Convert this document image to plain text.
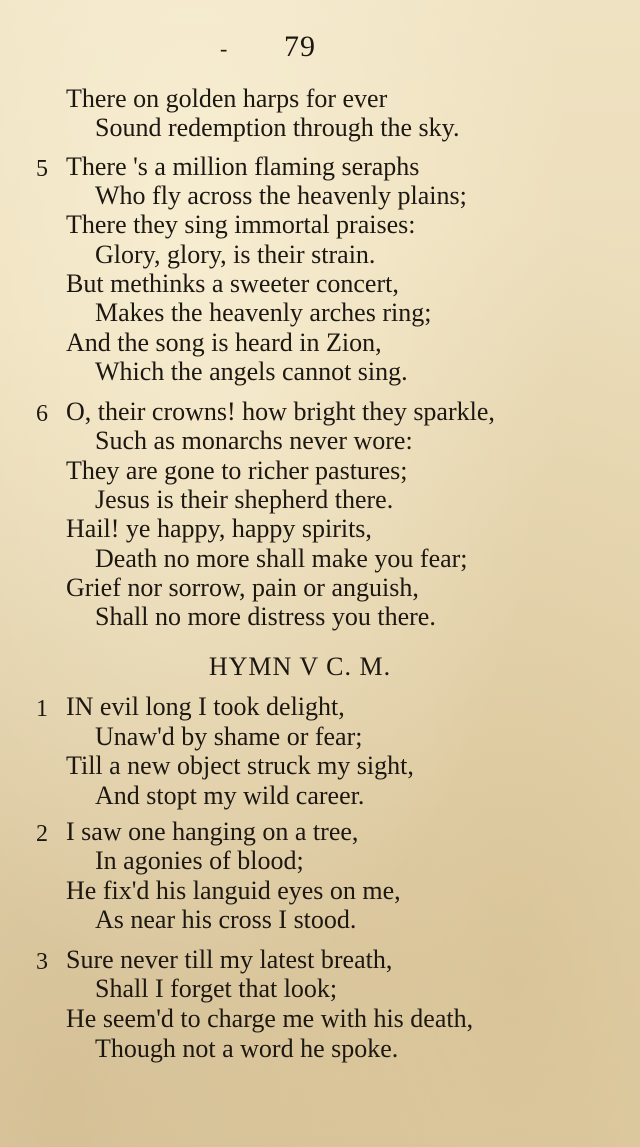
-	79
There on golden harps for ever
Sound redemption through the sky.
5 There 's a million flaming seraphs
Who fly across the heavenly plains;
There they sing immortal praises:
Glory, glory, is their strain.
But methinks a sweeter concert,
Makes the heavenly arches ring;
And the song is heard in Zion,
Which the angels cannot sing.
6 O, their crowns! how bright they sparkle,
Such as monarchs never wore:
They are gone to richer pastures;
Jesus is their shepherd there.
Hail! ye happy, happy spirits,
Death no more shall make you fear;
Grief nor sorrow, pain or anguish,
Shall no more distress you there.
HYMN V C. M.
1 IN evil long I took delight,
Unaw'd by shame or fear;
Till a new object struck my sight,
And stopt my wild career.
2 I saw one hanging on a tree,
In agonies of blood;
He fix'd his languid eyes on me,
As near his cross I stood.
3 Sure never till my latest breath,
Shall I forget that look;
He seem'd to charge me with his death,
Though not a word he spoke.
